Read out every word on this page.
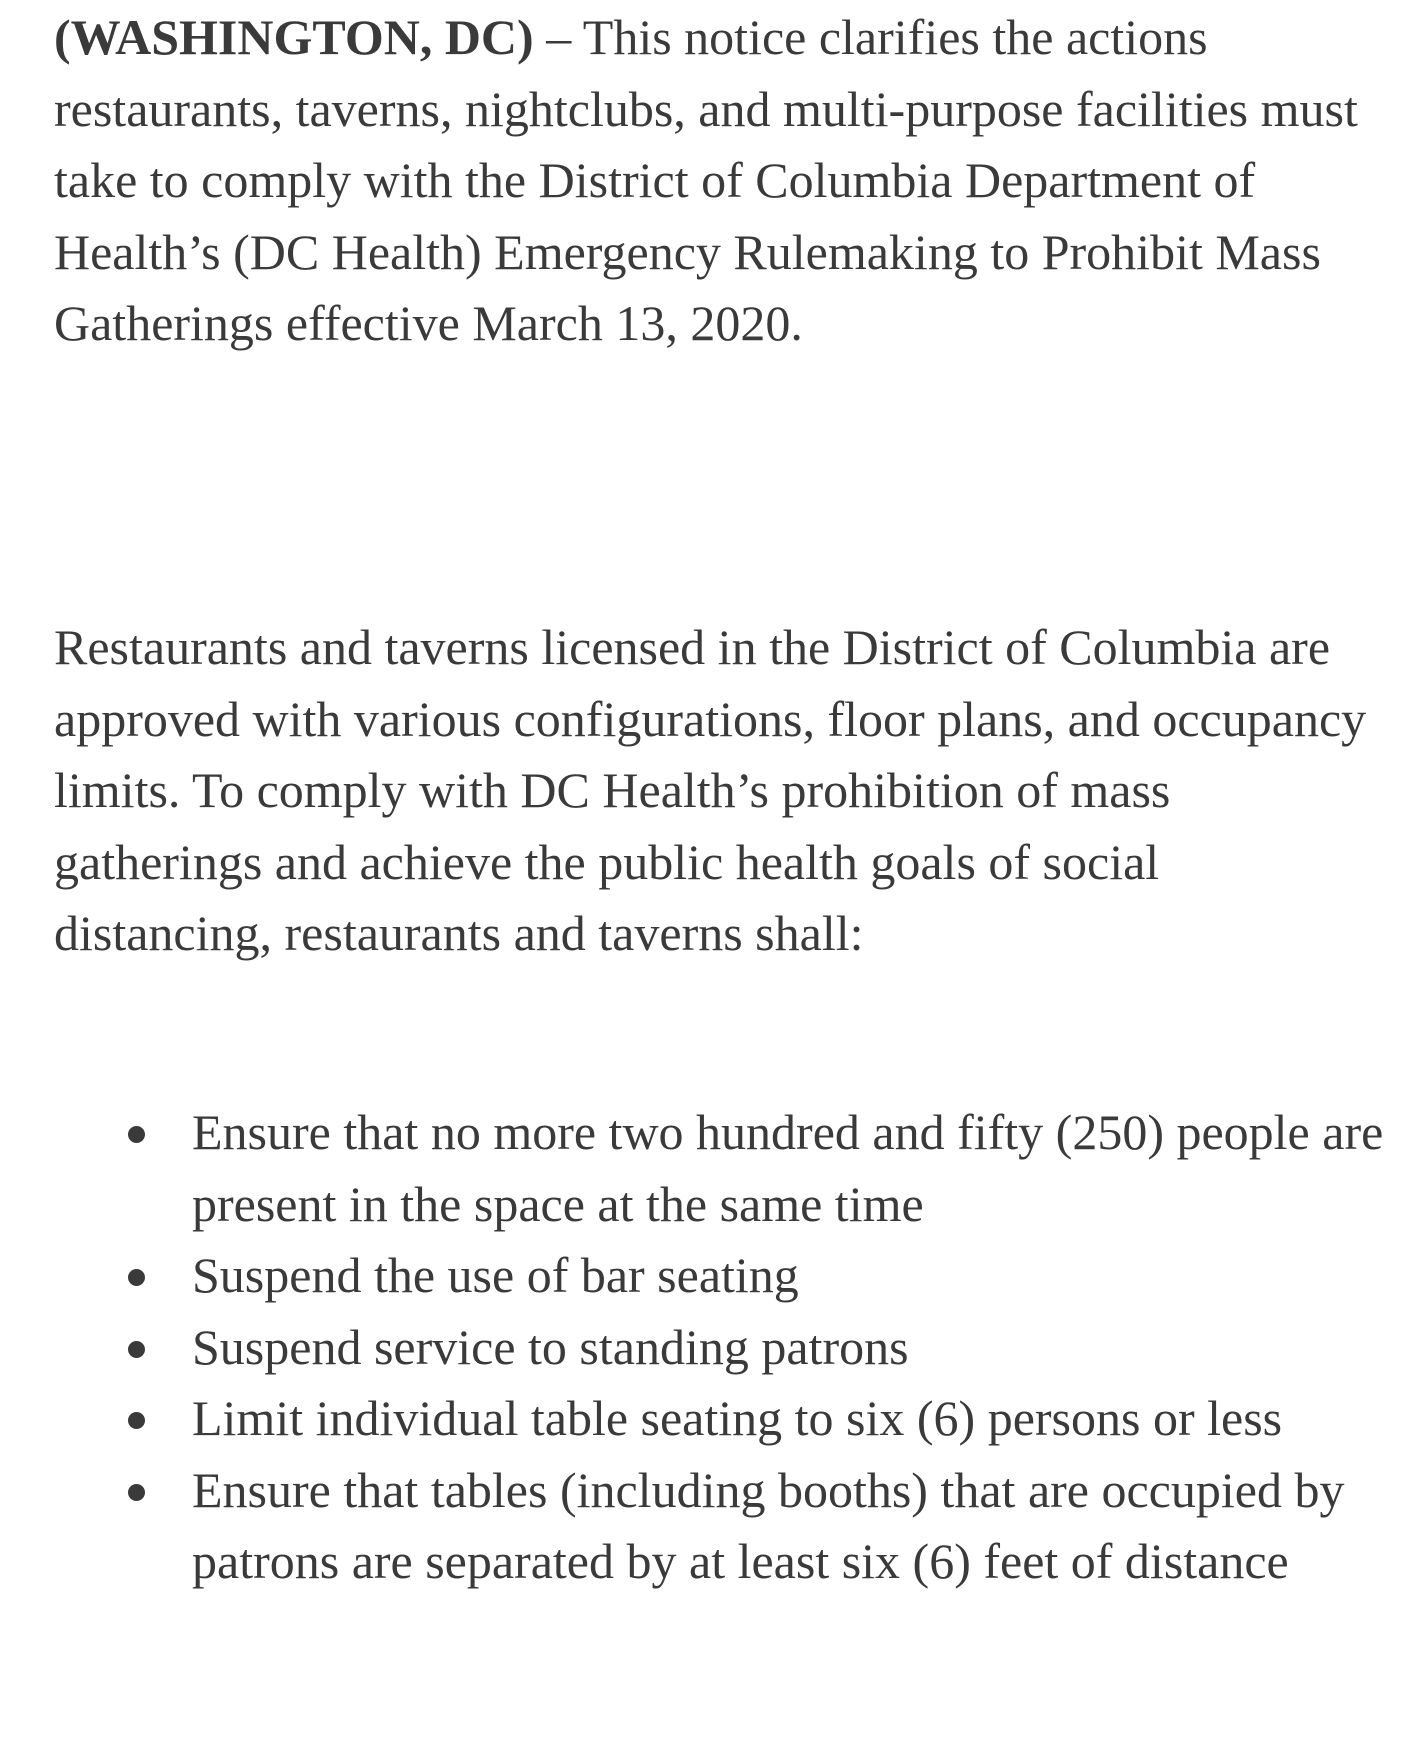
(WASHINGTON, DC) – This notice clarifies the actions restaurants, taverns, nightclubs, and multi-purpose facilities must take to comply with the District of Columbia Department of Health’s (DC Health) Emergency Rulemaking to Prohibit Mass Gatherings effective March 13, 2020.

Restaurants and taverns licensed in the District of Columbia are approved with various configurations, floor plans, and occupancy limits. To comply with DC Health’s prohibition of mass gatherings and achieve the public health goals of social distancing, restaurants and taverns shall:

Ensure that no more two hundred and fifty (250) people are present in the space at the same time
Suspend the use of bar seating
Suspend service to standing patrons
Limit individual table seating to six (6) persons or less
Ensure that tables (including booths) that are occupied by patrons are separated by at least six (6) feet of distance
